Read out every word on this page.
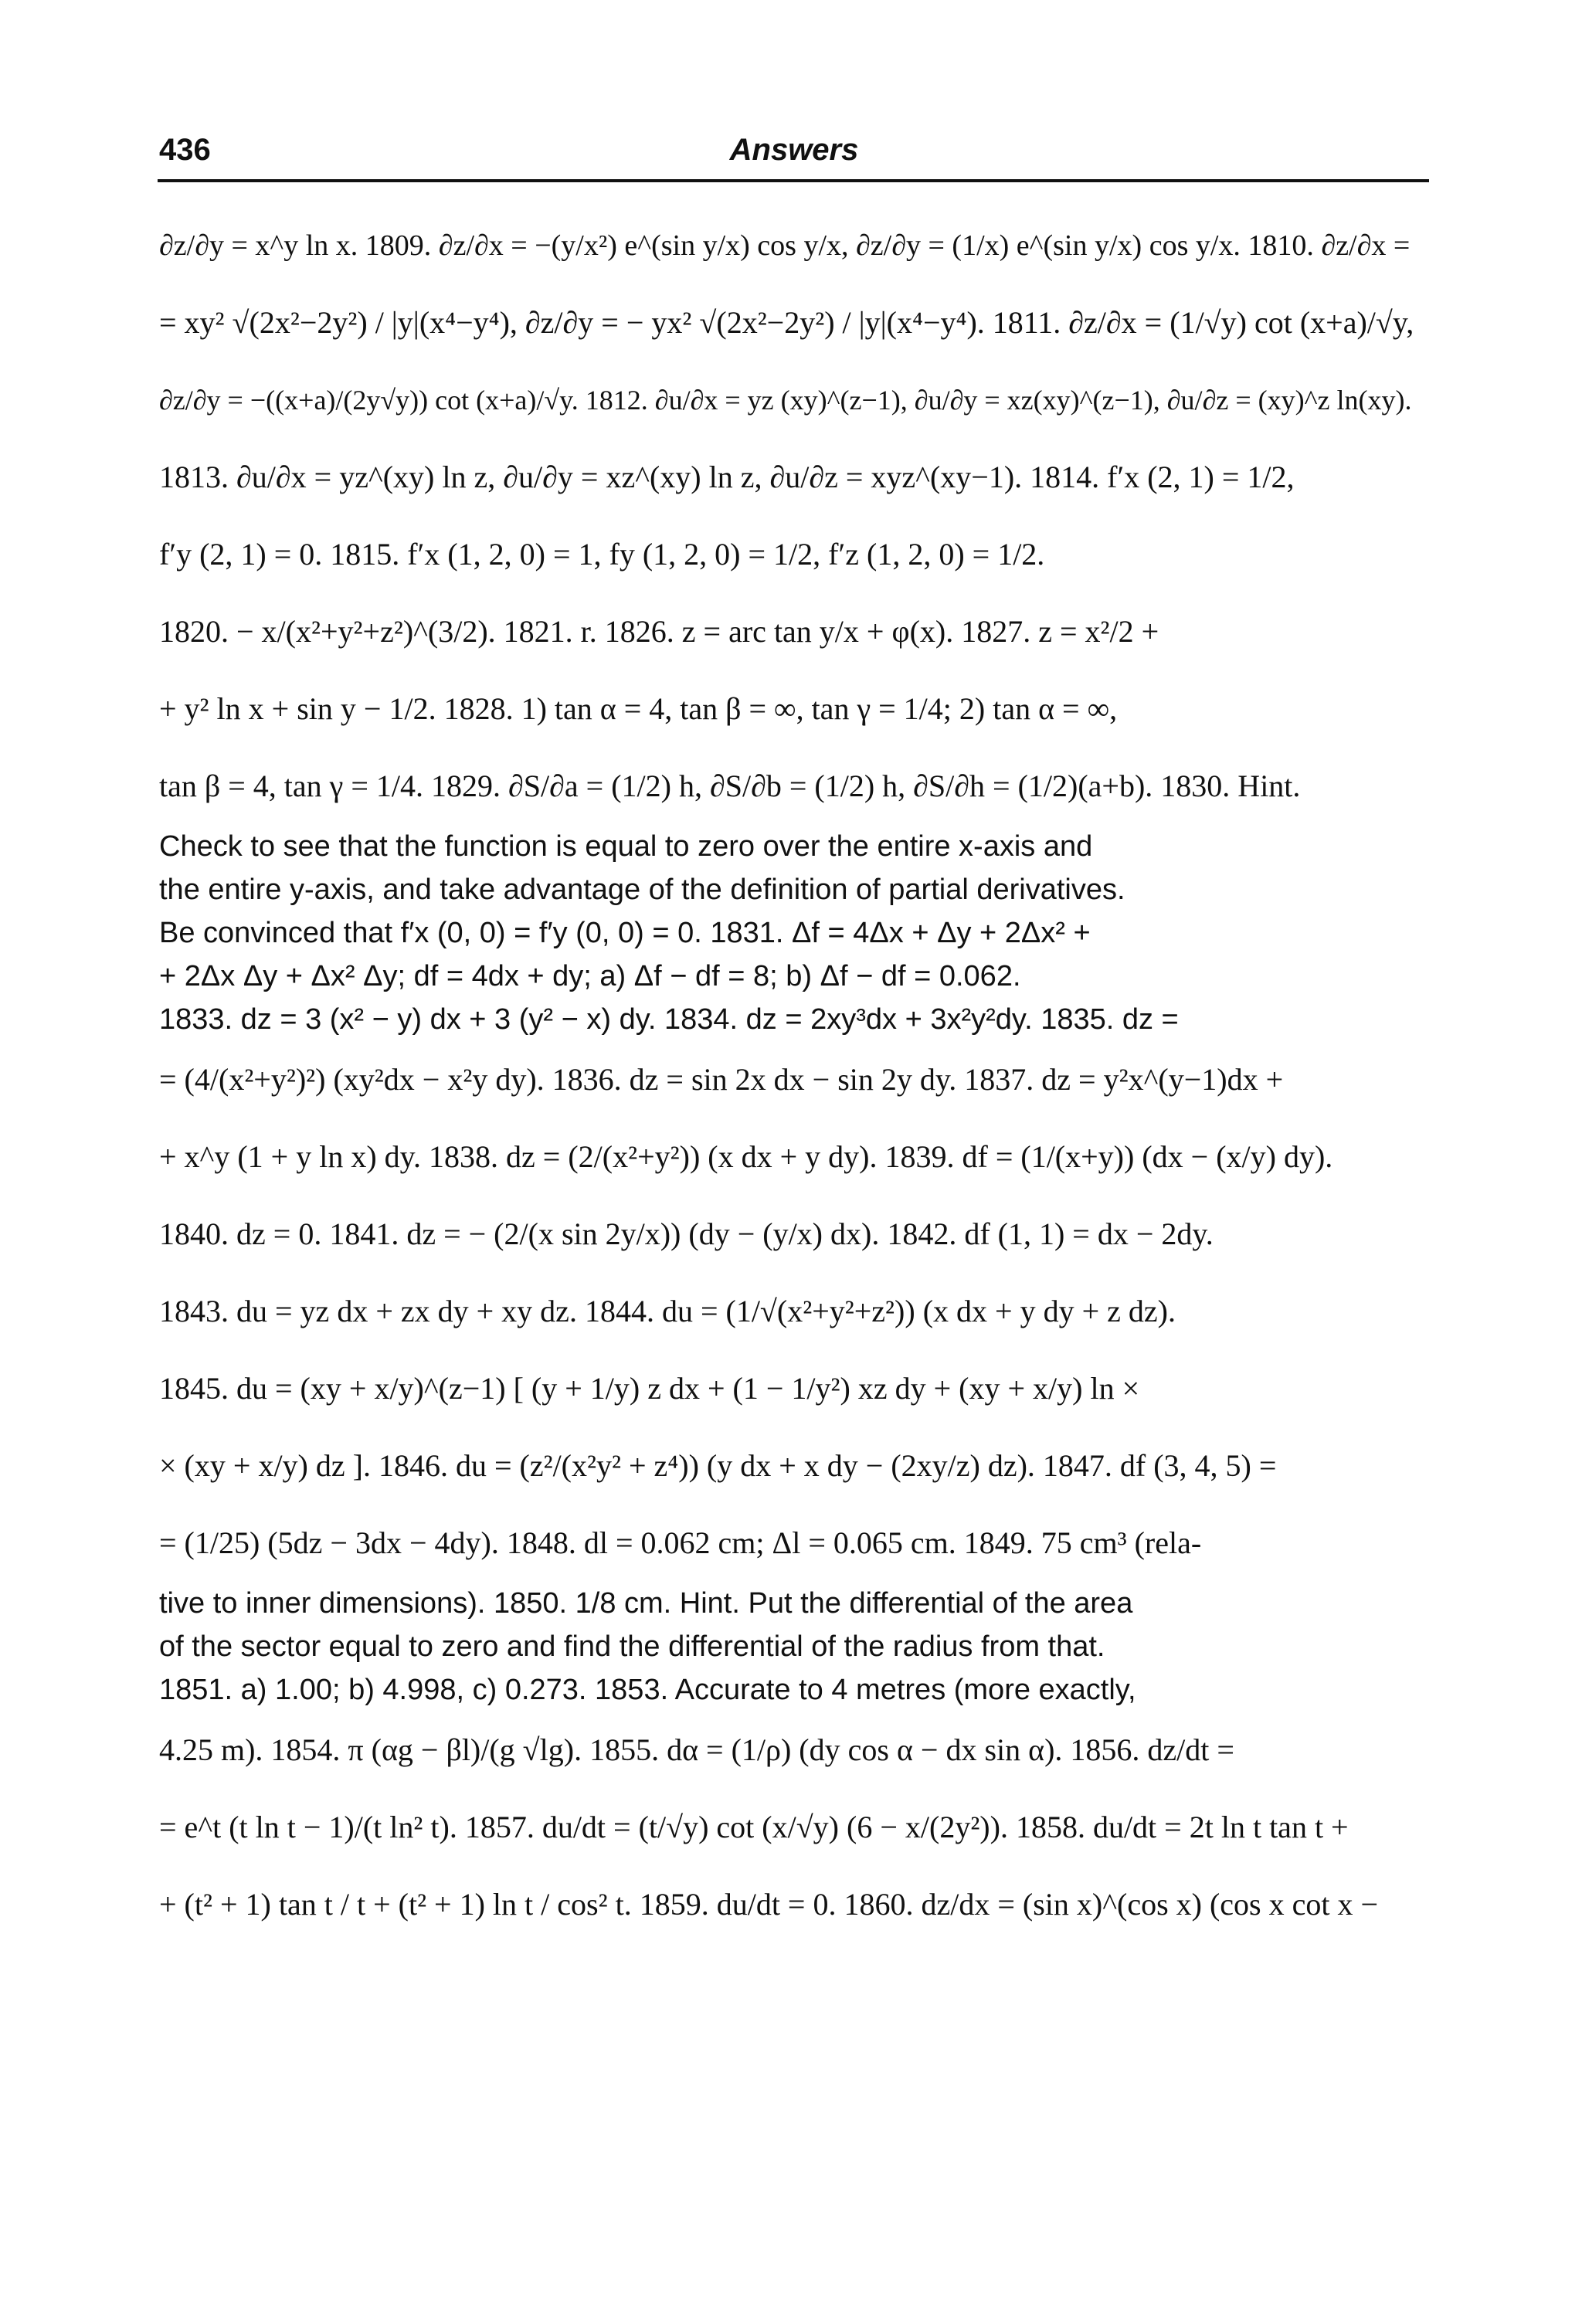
436	Answers
∂z/∂y = x^y ln x. 1809. ∂z/∂x = −(y/x²) e^(sin y/x) cos y/x, ∂z/∂y = (1/x) e^(sin y/x) cos y/x. 1810. ∂z/∂x =
= xy² √(2x²−2y²) / |y|(x⁴−y⁴), ∂z/∂y = − yx² √(2x²−2y²) / |y|(x⁴−y⁴). 1811. ∂z/∂x = (1/√y) cot (x+a)/√y,
∂z/∂y = −((x+a)/(2y√y)) cot (x+a)/√y. 1812. ∂u/∂x = yz (xy)^(z−1), ∂u/∂y = xz(xy)^(z−1), ∂u/∂z = (xy)^z ln(xy).
1813. ∂u/∂x = yz^(xy) ln z, ∂u/∂y = xz^(xy) ln z, ∂u/∂z = xyz^(xy−1). 1814. f′x (2, 1) = 1/2,
f′y (2, 1) = 0. 1815. f′x (1, 2, 0) = 1, fy (1, 2, 0) = 1/2, f′z (1, 2, 0) = 1/2.
1820. − x/(x²+y²+z²)^(3/2). 1821. r. 1826. z = arc tan y/x + φ(x). 1827. z = x²/2 +
+ y² ln x + sin y − 1/2. 1828. 1) tan α = 4, tan β = ∞, tan γ = 1/4; 2) tan α = ∞,
tan β = 4, tan γ = 1/4. 1829. ∂S/∂a = (1/2) h, ∂S/∂b = (1/2) h, ∂S/∂h = (1/2)(a+b). 1830. Hint.
Check to see that the function is equal to zero over the entire x-axis and
the entire y-axis, and take advantage of the definition of partial derivatives.
Be convinced that f′x (0, 0) = f′y (0, 0) = 0. 1831. Δf = 4Δx + Δy + 2Δx² +
+ 2Δx Δy + Δx² Δy; df = 4dx + dy; a) Δf − df = 8; b) Δf − df = 0.062.
1833. dz = 3 (x² − y) dx + 3 (y² − x) dy. 1834. dz = 2xy³dx + 3x²y²dy. 1835. dz =
= (4/(x²+y²)²) (xy²dx − x²y dy). 1836. dz = sin 2x dx − sin 2y dy. 1837. dz = y²x^(y−1)dx +
+ x^y (1 + y ln x) dy. 1838. dz = (2/(x²+y²)) (x dx + y dy). 1839. df = (1/(x+y)) (dx − (x/y) dy).
1840. dz = 0. 1841. dz = − (2/(x sin 2y/x)) (dy − (y/x) dx). 1842. df (1, 1) = dx − 2dy.
1843. du = yz dx + zx dy + xy dz. 1844. du = (1/√(x²+y²+z²)) (x dx + y dy + z dz).
1845. du = (xy + x/y)^(z−1) [ (y + 1/y) z dx + (1 − 1/y²) xz dy + (xy + x/y) ln ×
× (xy + x/y) dz ]. 1846. du = (z²/(x²y² + z⁴)) (y dx + x dy − (2xy/z) dz). 1847. df (3, 4, 5) =
= (1/25) (5dz − 3dx − 4dy). 1848. dl = 0.062 cm; Δl = 0.065 cm. 1849. 75 cm³ (rela-
tive to inner dimensions). 1850. 1/8 cm. Hint. Put the differential of the area
of the sector equal to zero and find the differential of the radius from that.
1851. a) 1.00; b) 4.998, c) 0.273. 1853. Accurate to 4 metres (more exactly,
4.25 m). 1854. π (αg − βl)/(g √lg). 1855. dα = (1/ρ) (dy cos α − dx sin α). 1856. dz/dt =
= e^t (t ln t − 1)/(t ln² t). 1857. du/dt = (t/√y) cot (x/√y) (6 − x/(2y²)). 1858. du/dt = 2t ln t tan t +
+ (t² + 1) tan t / t + (t² + 1) ln t / cos² t. 1859. du/dt = 0. 1860. dz/dx = (sin x)^(cos x) (cos x cot x −
